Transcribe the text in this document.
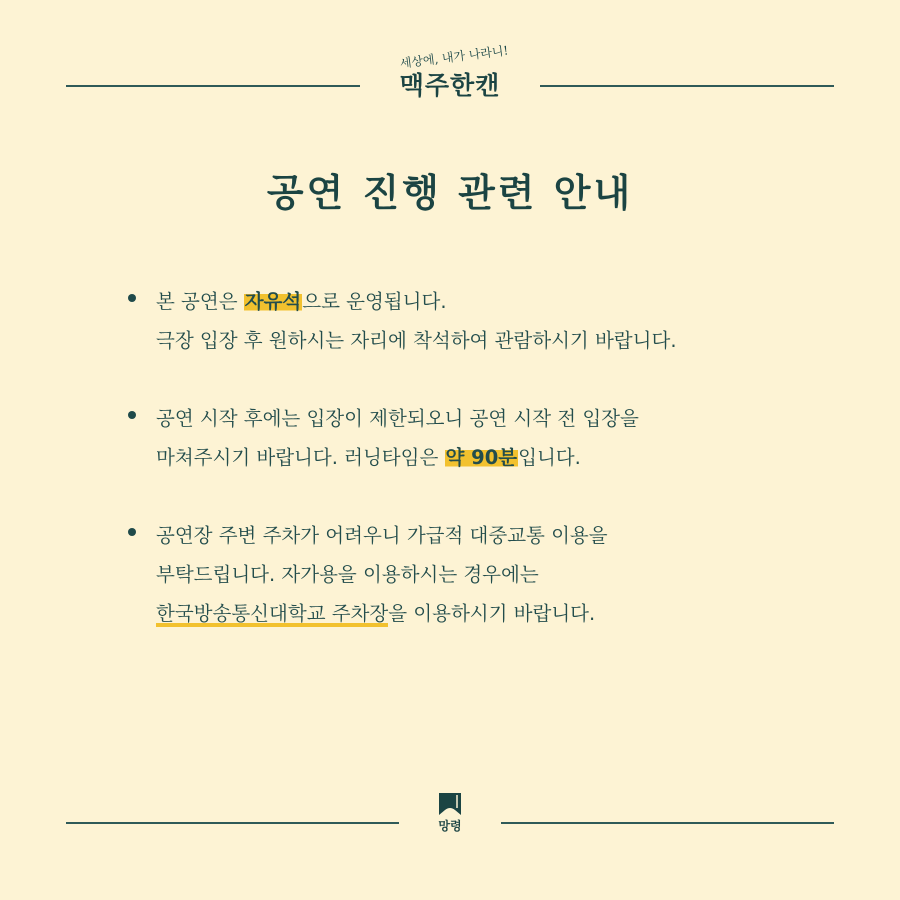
세상에, 내가 나라니!
맥주한캔
공연 진행 관련 안내
본 공연은 자유석으로 운영됩니다.
극장 입장 후 원하시는 자리에 착석하여 관람하시기 바랍니다.
공연 시작 후에는 입장이 제한되오니 공연 시작 전 입장을
마쳐주시기 바랍니다. 러닝타임은 약 90분입니다.
공연장 주변 주차가 어려우니 가급적 대중교통 이용을
부탁드립니다. 자가용을 이용하시는 경우에는
한국방송통신대학교 주차장을 이용하시기 바랍니다.
망령
